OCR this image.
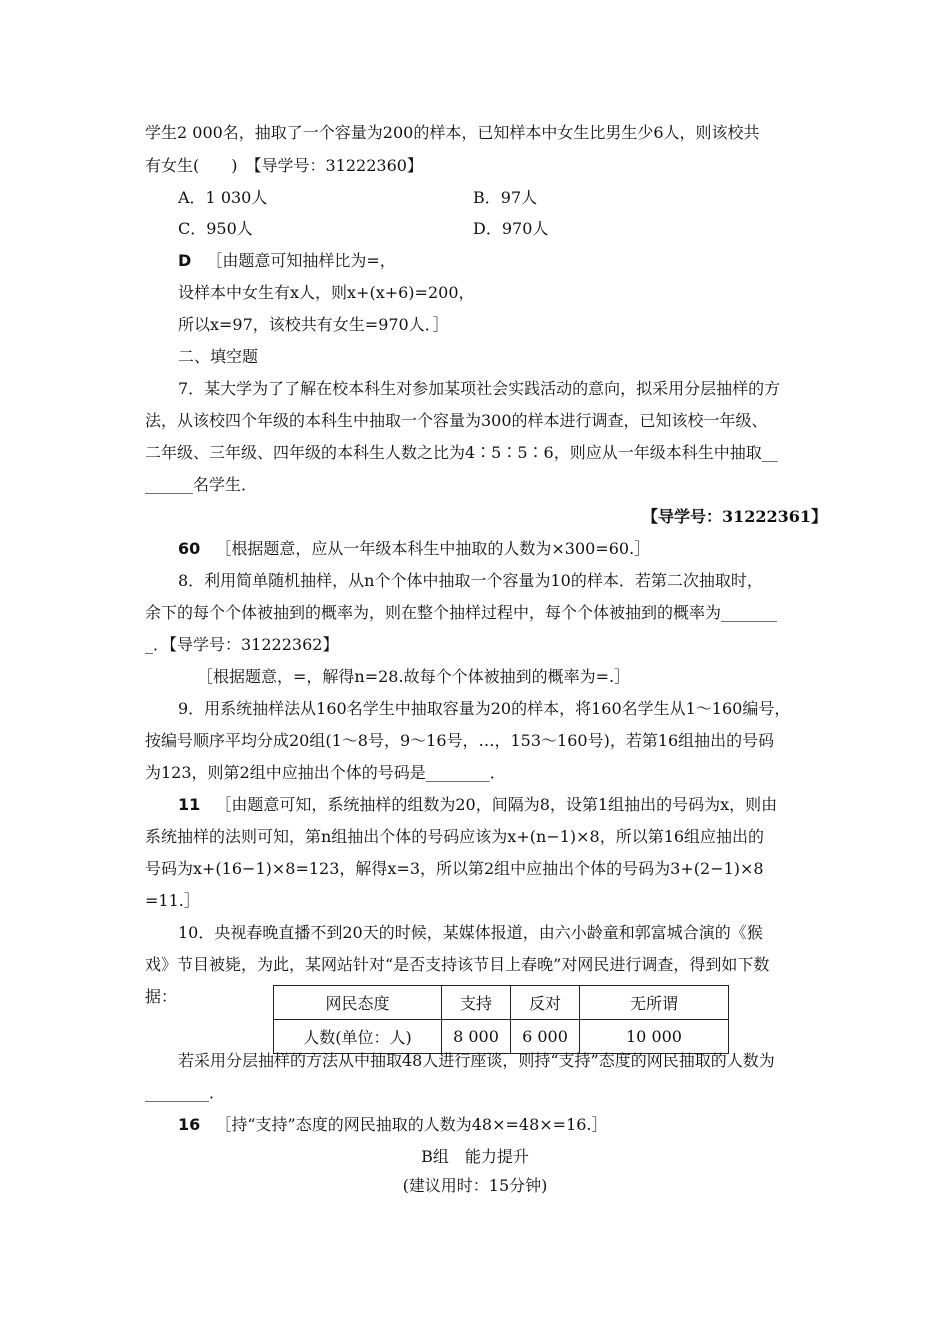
学生2 000名，抽取了一个容量为200的样本，已知样本中女生比男生少6人，则该校共
有女生(　　)　【导学号：31222360】
A．1 030人	B．97人
C．950人	D．970人
D ［由题意可知抽样比为=，
设样本中女生有x人，则x+(x+6)=200，
所以x=97，该校共有女生=970人．］
二、填空题
7．某大学为了了解在校本科生对参加某项社会实践活动的意向，拟采用分层抽样的方
法，从该校四个年级的本科生中抽取一个容量为300的样本进行调查，已知该校一年级、
二年级、三年级、四年级的本科生人数之比为4∶5∶5∶6，则应从一年级本科生中抽取__
______名学生．
【导学号：31222361】
60 ［根据题意，应从一年级本科生中抽取的人数为×300=60.］
8．利用简单随机抽样，从n个个体中抽取一个容量为10的样本．若第二次抽取时，
余下的每个个体被抽到的概率为，则在整个抽样过程中，每个个体被抽到的概率为_______
_．【导学号：31222362】
［根据题意，=，解得n=28.故每个个体被抽到的概率为=.］
9．用系统抽样法从160名学生中抽取容量为20的样本，将160名学生从1～160编号，
按编号顺序平均分成20组(1～8号，9～16号，…，153～160号)，若第16组抽出的号码
为123，则第2组中应抽出个体的号码是________．
11 ［由题意可知，系统抽样的组数为20，间隔为8，设第1组抽出的号码为x，则由
系统抽样的法则可知，第n组抽出个体的号码应该为x+(n−1)×8，所以第16组应抽出的
号码为x+(16−1)×8=123，解得x=3，所以第2组中应抽出个体的号码为3+(2−1)×8
=11.］
10．央视春晚直播不到20天的时候，某媒体报道，由六小龄童和郭富城合演的《猴
戏》节目被毙，为此，某网站针对“是否支持该节目上春晚”对网民进行调查，得到如下数
据：	网民态度	支持	反对	无所谓
人数(单位：人)	8 000	6 000	10 000
若采用分层抽样的方法从中抽取48人进行座谈，则持“支持”态度的网民抽取的人数为
________．
16 ［持“支持”态度的网民抽取的人数为48×=48×=16.］
B组　能力提升
(建议用时：15分钟)
